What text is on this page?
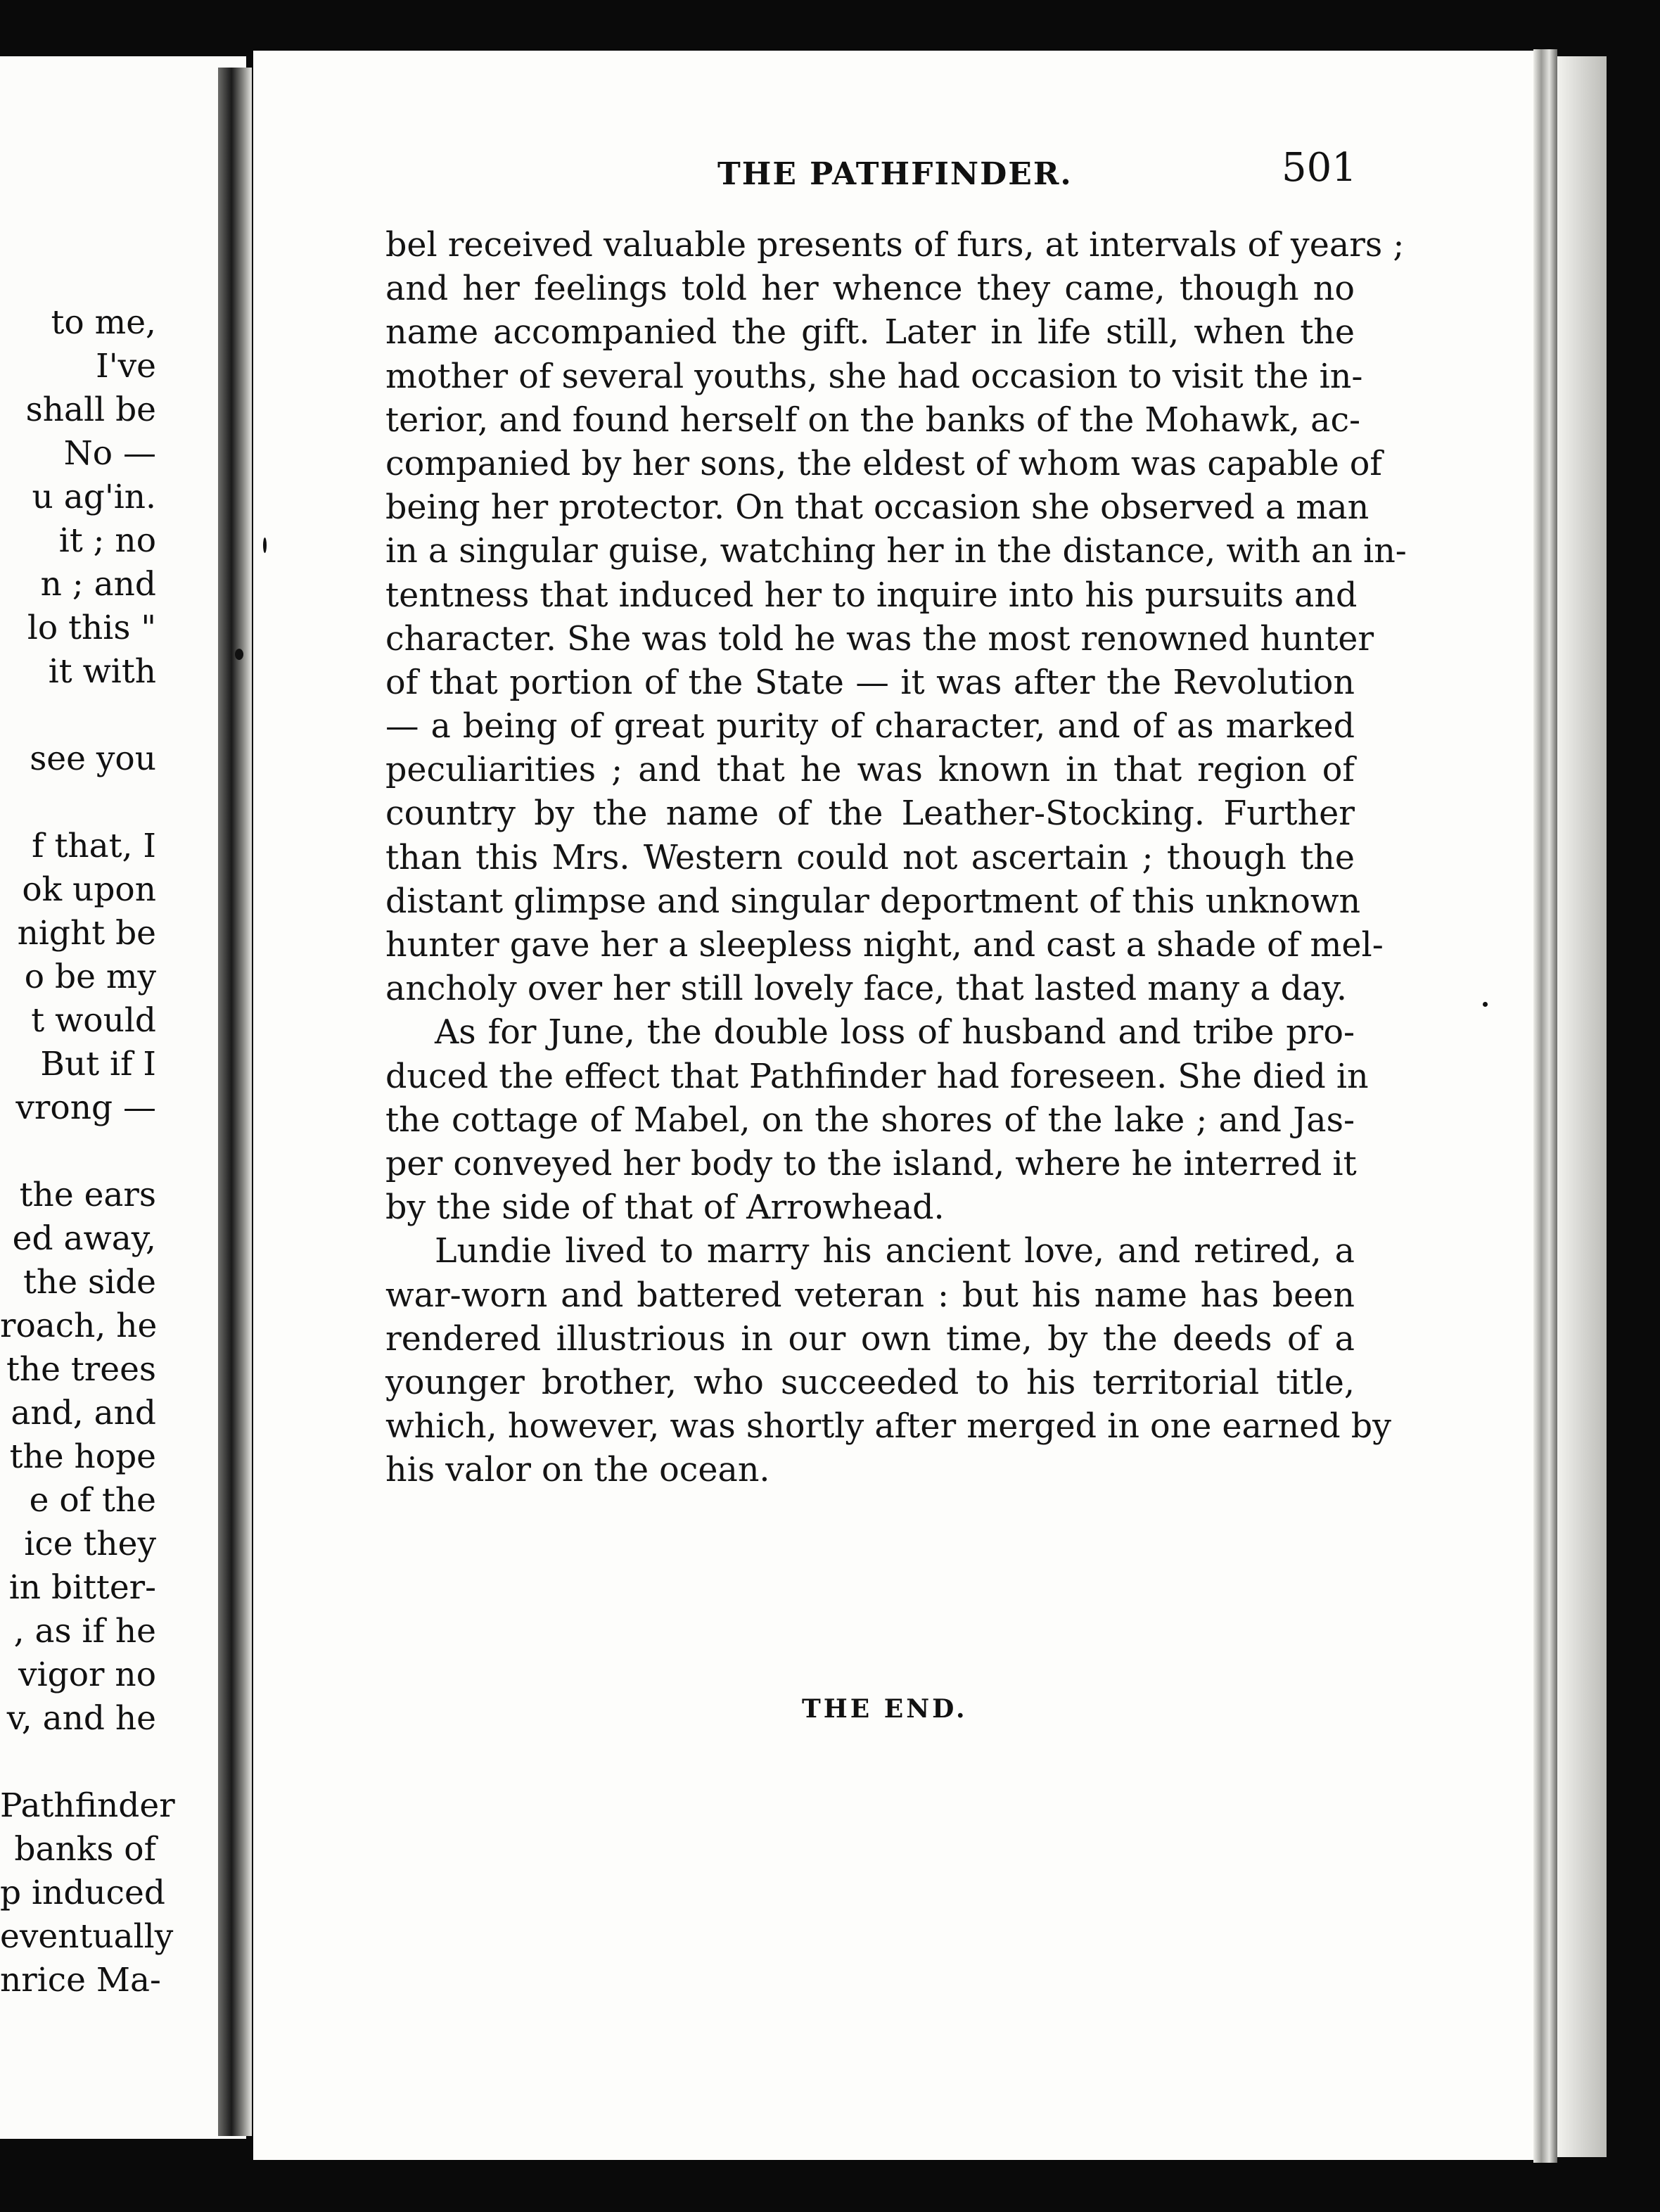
to me,
I've
shall be
No —
u ag'in.
it ; no
n ; and
lo this "
it with

see you

f that, I
ok upon
night be
o be my
t would
But if I
vrong —

the ears
ed away,
the side
roach, he
the trees
and, and
the hope
e of the
ice they
in bitter-
, as if he
vigor no
v, and he

Pathfinder
banks of
p induced
eventually
nrice Ma-
THE PATHFINDER.	501
bel received valuable presents of furs, at intervals of years ;
and her feelings told her whence they came, though no
name accompanied the gift. Later in life still, when the
mother of several youths, she had occasion to visit the in-
terior, and found herself on the banks of the Mohawk, ac-
companied by her sons, the eldest of whom was capable of
being her protector. On that occasion she observed a man
in a singular guise, watching her in the distance, with an in-
tentness that induced her to inquire into his pursuits and
character. She was told he was the most renowned hunter
of that portion of the State — it was after the Revolution
— a being of great purity of character, and of as marked
peculiarities ; and that he was known in that region of
country by the name of the Leather-Stocking. Further
than this Mrs. Western could not ascertain ; though the
distant glimpse and singular deportment of this unknown
hunter gave her a sleepless night, and cast a shade of mel-
ancholy over her still lovely face, that lasted many a day.
As for June, the double loss of husband and tribe pro-
duced the effect that Pathfinder had foreseen. She died in
the cottage of Mabel, on the shores of the lake ; and Jas-
per conveyed her body to the island, where he interred it
by the side of that of Arrowhead.
Lundie lived to marry his ancient love, and retired, a
war-worn and battered veteran : but his name has been
rendered illustrious in our own time, by the deeds of a
younger brother, who succeeded to his territorial title,
which, however, was shortly after merged in one earned by
his valor on the ocean.
THE END.
